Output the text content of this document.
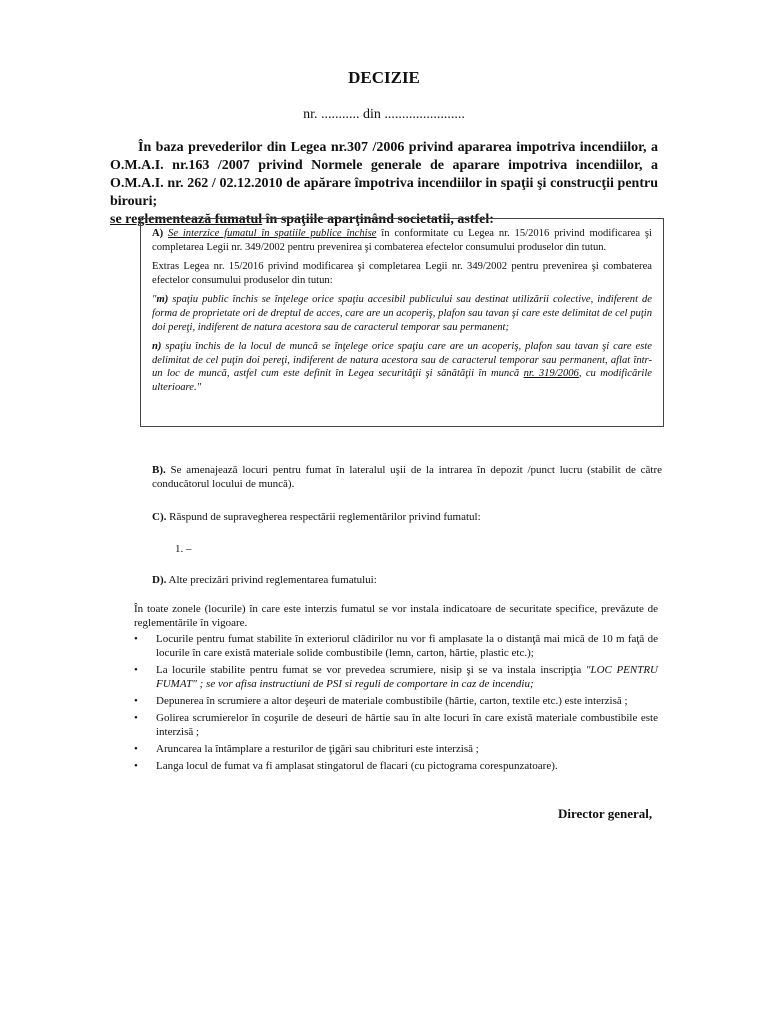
DECIZIE
nr. ........... din .......................

În baza prevederilor din Legea nr.307 /2006 privind apararea impotriva incendiilor, a O.M.A.I. nr.163 /2007 privind Normele generale de aparare impotriva incendiilor, a O.M.A.I. nr. 262 / 02.12.2010 de apărare împotriva incendiilor in spaţii şi construcţii pentru birouri;

se reglementează fumatul în spaţiile aparţinând societatii, astfel:

A) Se interzice fumatul în spatiile publice închise în conformitate cu Legea nr. 15/2016 privind modificarea şi completarea Legii nr. 349/2002 pentru prevenirea şi combaterea efectelor consumului produselor din tutun.

Extras Legea nr. 15/2016 privind modificarea şi completarea Legii nr. 349/2002 pentru prevenirea şi combaterea efectelor consumului produselor din tutun:

"m) spaţiu public închis se înţelege orice spaţiu accesibil publicului sau destinat utilizării colective, indiferent de forma de proprietate ori de dreptul de acces, care are un acoperiş, plafon sau tavan şi care este delimitat de cel puţin doi pereţi, indiferent de natura acestora sau de caracterul temporar sau permanent;

n) spaţiu închis de la locul de muncă se înţelege orice spaţiu care are un acoperiş, plafon sau tavan şi care este delimitat de cel puţin doi pereţi, indiferent de natura acestora sau de caracterul temporar sau permanent, aflat într-un loc de muncă, astfel cum este definit în Legea securităţii şi sănătăţii în muncă nr. 319/2006, cu modificările ulterioare."

B). Se amenajează locuri pentru fumat în lateralul uşii de la intrarea în depozit /punct lucru (stabilit de către conducătorul locului de muncă).
C). Răspund de supravegherea respectării reglementărilor privind fumatul:
1. –
D). Alte precizări privind reglementarea fumatului:

În toate zonele (locurile) în care este interzis fumatul se vor instala indicatoare de securitate specifice, prevăzute de reglementările în vigoare.

• Locurile pentru fumat stabilite în exteriorul clădirilor nu vor fi amplasate la o distanţă mai mică de 10 m faţă de locurile în care există materiale solide combustibile (lemn, carton, hârtie, plastic etc.);
• La locurile stabilite pentru fumat se vor prevedea scrumiere, nisip şi se va instala inscripţia "LOC PENTRU FUMAT" ; se vor afisa instructiuni de PSI si reguli de comportare in caz de incendiu;
• Depunerea în scrumiere a altor deşeuri de materiale combustibile (hârtie, carton, textile etc.) este interzisă ;
• Golirea scrumierelor în coşurile de deseuri de hârtie sau în alte locuri în care există materiale combustibile este interzisă ;
• Aruncarea la întâmplare a resturilor de ţigări sau chibrituri este interzisă ;
• Langa locul de fumat va fi amplasat stingatorul de flacari (cu pictograma corespunzatoare).
Director general,
